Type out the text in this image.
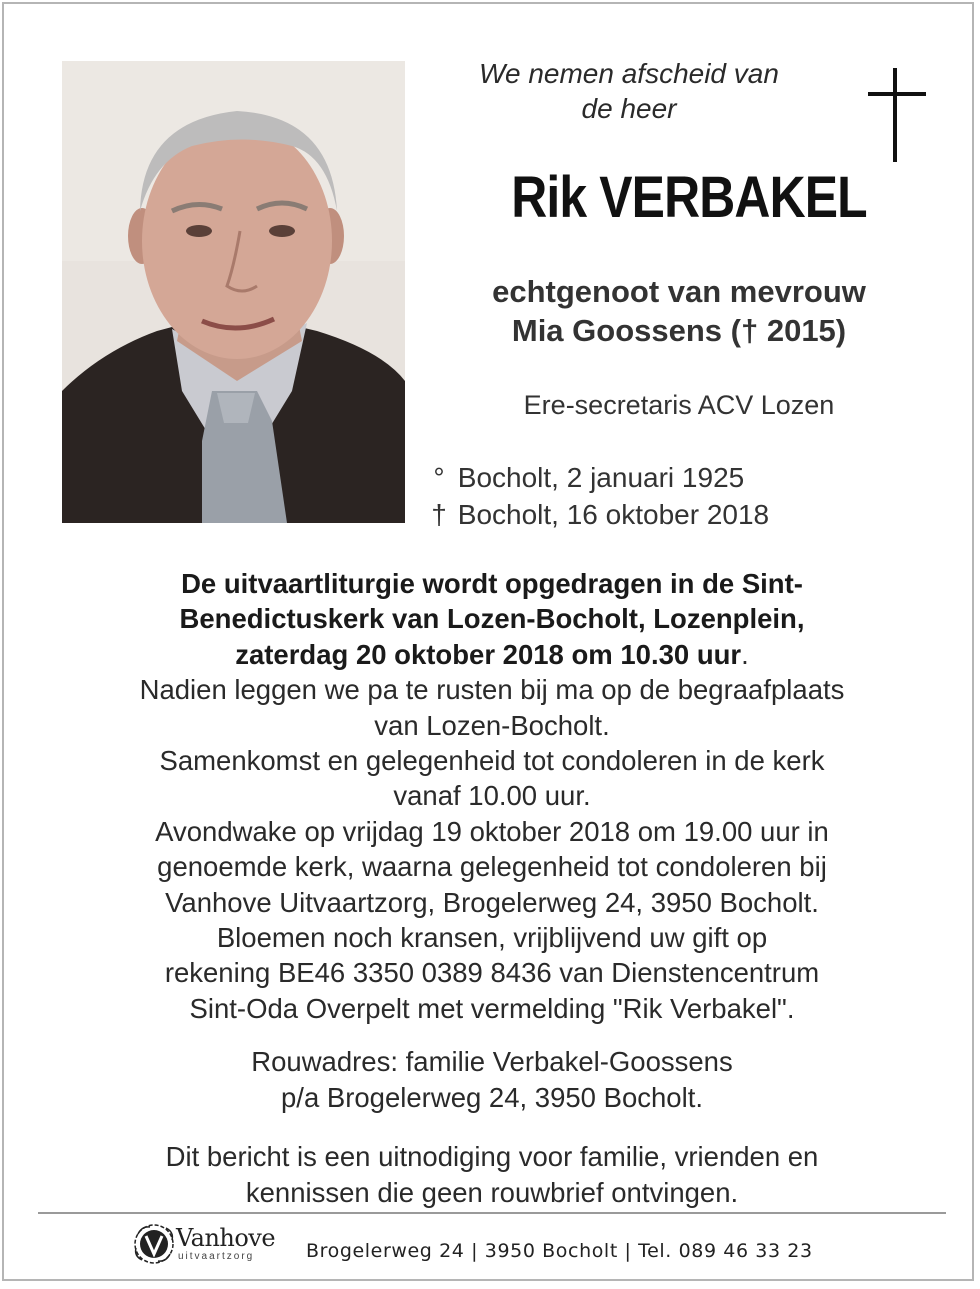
We nemen afscheid van
de heer
Rik VERBAKEL
echtgenoot van mevrouw
Mia Goossens († 2015)
Ere-secretaris ACV Lozen
° Bocholt, 2 januari 1925
† Bocholt, 16 oktober 2018
De uitvaartliturgie wordt opgedragen in de Sint-
Benedictuskerk van Lozen-Bocholt, Lozenplein,
zaterdag 20 oktober 2018 om 10.30 uur.
Nadien leggen we pa te rusten bij ma op de begraafplaats
van Lozen-Bocholt.
Samenkomst en gelegenheid tot condoleren in de kerk
vanaf 10.00 uur.
Avondwake op vrijdag 19 oktober 2018 om 19.00 uur in
genoemde kerk, waarna gelegenheid tot condoleren bij
Vanhove Uitvaartzorg, Brogelerweg 24, 3950 Bocholt.
Bloemen noch kransen, vrijblijvend uw gift op
rekening BE46 3350 0389 8436 van Dienstencentrum
Sint-Oda Overpelt met vermelding "Rik Verbakel".
Rouwadres: familie Verbakel-Goossens
p/a Brogelerweg 24, 3950 Bocholt.
Dit bericht is een uitnodiging voor familie, vrienden en
kennissen die geen rouwbrief ontvingen.
Vanhove
uitvaartzorg	Brogelerweg 24 | 3950 Bocholt | Tel. 089 46 33 23
